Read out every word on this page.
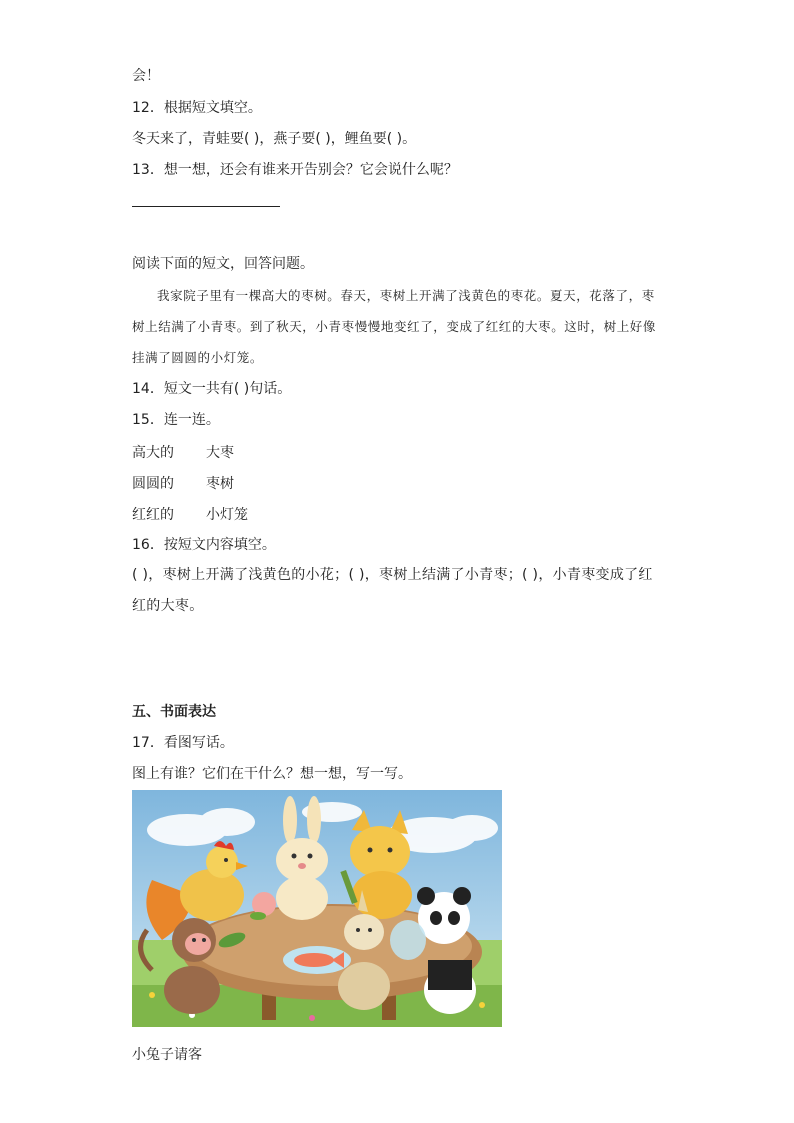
会！
12．根据短文填空。
冬天来了，青蛙要( )，燕子要( )，鲤鱼要( )。
13．想一想，还会有谁来开告别会？它会说什么呢？
阅读下面的短文，回答问题。

我家院子里有一棵高大的枣树。春天，枣树上开满了浅黄色的枣花。夏天，花落了，枣树上结满了小青枣。到了秋天，小青枣慢慢地变红了，变成了红红的大枣。这时，树上好像挂满了圆圆的小灯笼。

14．短文一共有( )句话。
15．连一连。
高大的 大枣
圆圆的 枣树
红红的 小灯笼
16．按短文内容填空。
( )，枣树上开满了浅黄色的小花；( )，枣树上结满了小青枣；( )，小青枣变成了红红的大枣。
五、书面表达
17．看图写话。
图上有谁？它们在干什么？想一想，写一写。
小兔子请客
